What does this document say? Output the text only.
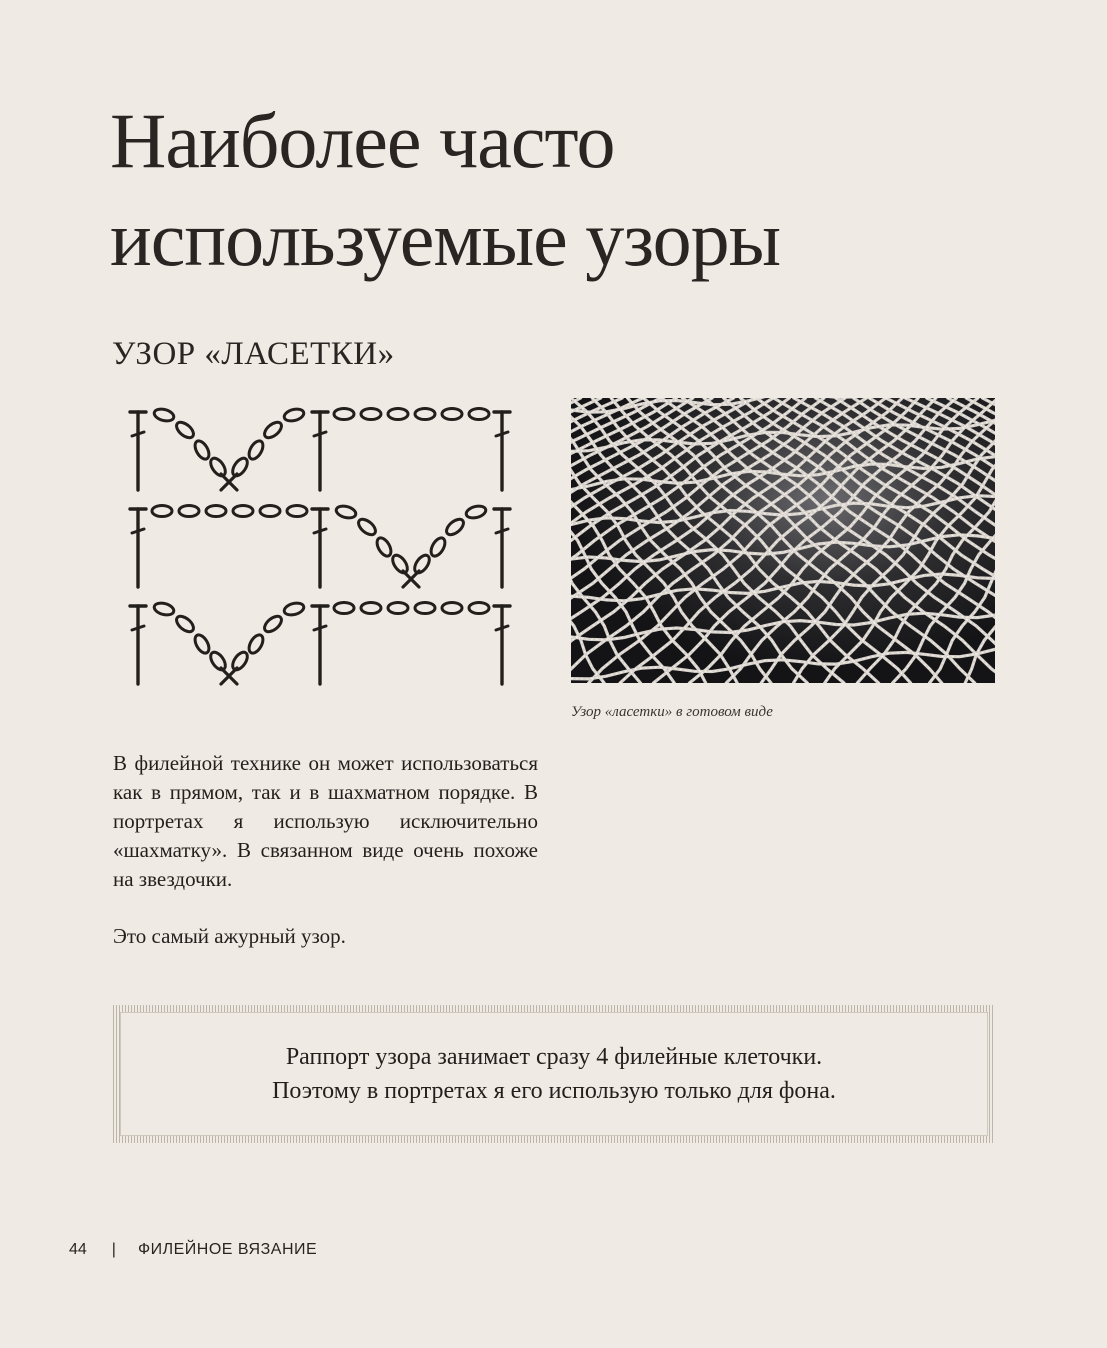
Наиболее часто
используемые узоры
УЗОР «ЛАСЕТКИ»
Узор «ласетки» в готовом виде

В филейной технике он может использоваться как в прямом, так и в шахматном порядке. В портретах я использую исключительно «шахматку». В связанном виде очень похоже на звездочки.

Это самый ажурный узор.

Раппорт узора занимает сразу 4 филейные клеточки.
Поэтому в портретах я его использую только для фона.
44 | ФИЛЕЙНОЕ ВЯЗАНИЕ
